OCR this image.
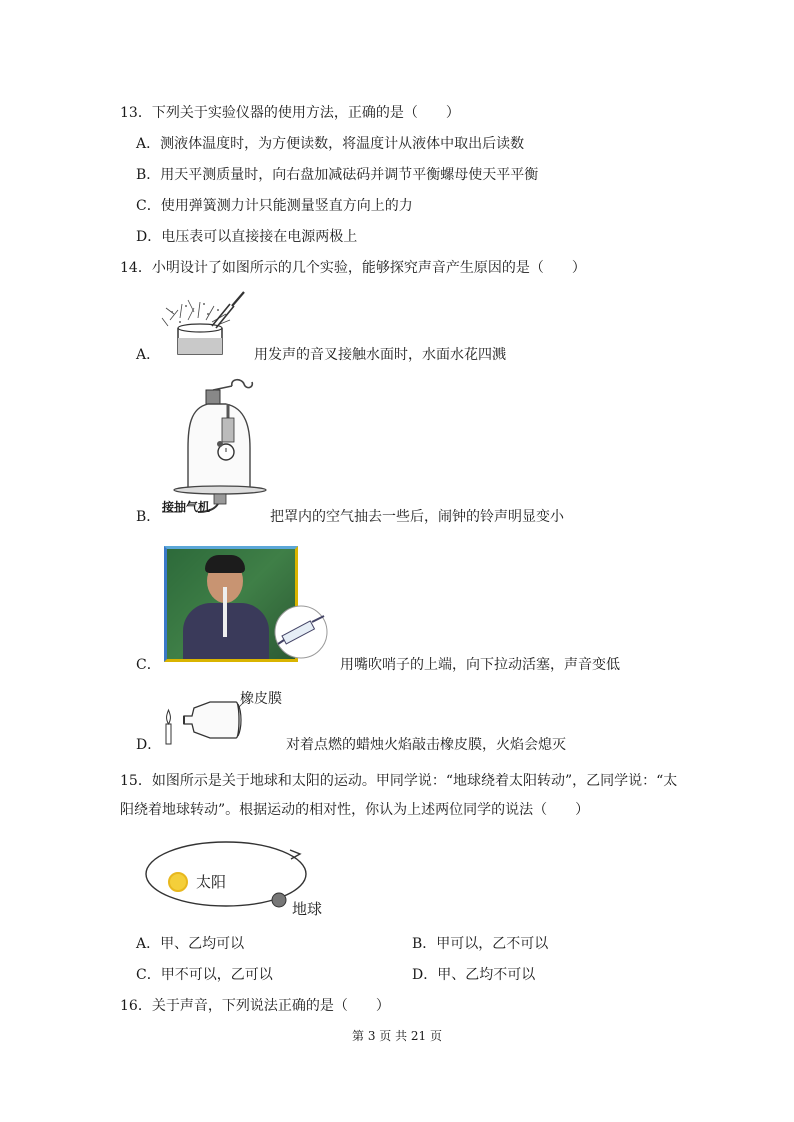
13．下列关于实验仪器的使用方法，正确的是（　　）
A．测液体温度时，为方便读数，将温度计从液体中取出后读数
B．用天平测质量时，向右盘加减砝码并调节平衡螺母使天平平衡
C．使用弹簧测力计只能测量竖直方向上的力
D．电压表可以直接接在电源两极上
14．小明设计了如图所示的几个实验，能够探究声音产生原因的是（　　）
A．	用发声的音叉接触水面时，水面水花四溅
接抽气机
B．	把罩内的空气抽去一些后，闹钟的铃声明显变小
C．	用嘴吹哨子的上端，向下拉动活塞，声音变低
橡皮膜
D．	对着点燃的蜡烛火焰敲击橡皮膜，火焰会熄灭
15．如图所示是关于地球和太阳的运动。甲同学说：“地球绕着太阳转动”，乙同学说：“太
阳绕着地球转动”。根据运动的相对性，你认为上述两位同学的说法（　　）
太阳
地球
A．甲、乙均可以	B．甲可以，乙不可以
C．甲不可以，乙可以	D．甲、乙均不可以
16．关于声音，下列说法正确的是（　　）
第 3 页 共 21 页
